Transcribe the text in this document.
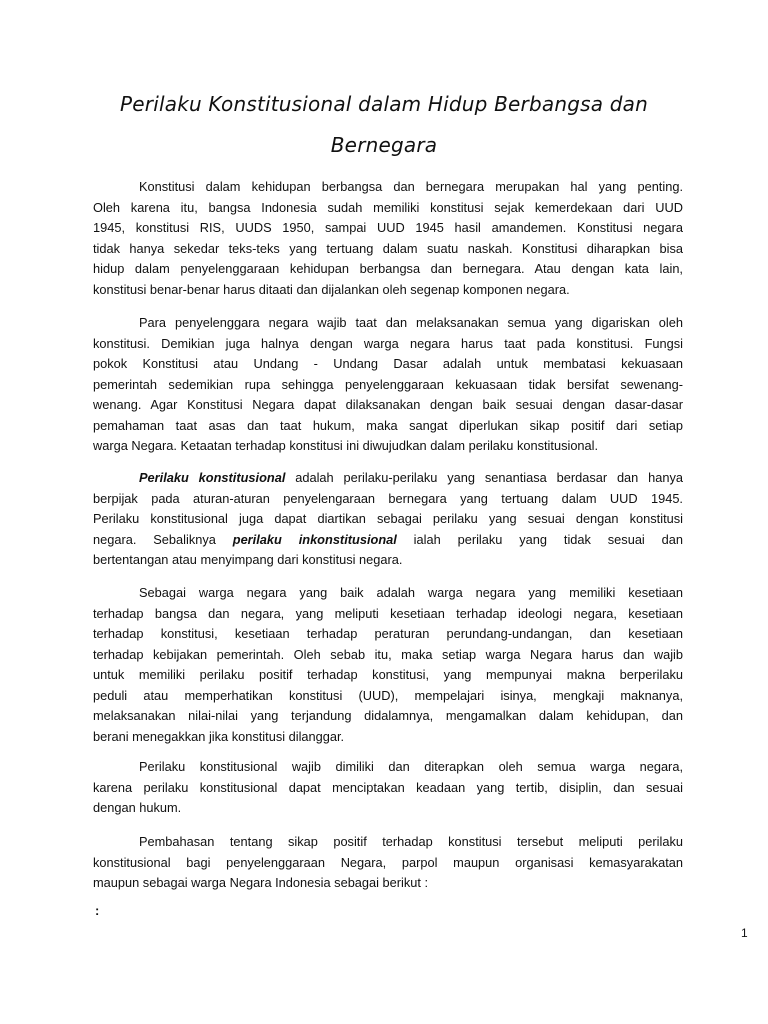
Perilaku Konstitusional dalam Hidup Berbangsa dan
Bernegara
Konstitusi dalam kehidupan berbangsa dan bernegara merupakan hal yang penting.
Oleh karena itu, bangsa Indonesia sudah memiliki konstitusi sejak kemerdekaan dari UUD
1945, konstitusi RIS, UUDS 1950, sampai UUD 1945 hasil amandemen. Konstitusi negara
tidak hanya sekedar teks-teks yang tertuang dalam suatu naskah. Konstitusi diharapkan bisa
hidup dalam penyelenggaraan kehidupan berbangsa dan bernegara. Atau dengan kata lain,
konstitusi benar-benar harus ditaati dan dijalankan oleh segenap komponen negara.
Para penyelenggara negara wajib taat dan melaksanakan semua yang digariskan oleh
konstitusi. Demikian juga halnya dengan warga negara harus taat pada konstitusi. Fungsi
pokok Konstitusi atau Undang - Undang Dasar adalah untuk membatasi kekuasaan
pemerintah sedemikian rupa sehingga penyelenggaraan kekuasaan tidak bersifat sewenang-
wenang. Agar Konstitusi Negara dapat dilaksanakan dengan baik sesuai dengan dasar-dasar
pemahaman taat asas dan taat hukum, maka sangat diperlukan sikap positif dari setiap
warga Negara. Ketaatan terhadap konstitusi ini diwujudkan dalam perilaku konstitusional.
Perilaku konstitusional adalah perilaku-perilaku yang senantiasa berdasar dan hanya
berpijak pada aturan-aturan penyelengaraan bernegara yang tertuang dalam UUD 1945.
Perilaku konstitusional juga dapat diartikan sebagai perilaku yang sesuai dengan konstitusi
negara. Sebaliknya perilaku inkonstitusional ialah perilaku yang tidak sesuai dan
bertentangan atau menyimpang dari konstitusi negara.
Sebagai warga negara yang baik adalah warga negara yang memiliki kesetiaan
terhadap bangsa dan negara, yang meliputi kesetiaan terhadap ideologi negara, kesetiaan
terhadap konstitusi, kesetiaan terhadap peraturan perundang-undangan, dan kesetiaan
terhadap kebijakan pemerintah. Oleh sebab itu, maka setiap warga Negara harus dan wajib
untuk memiliki perilaku positif terhadap konstitusi, yang mempunyai makna berperilaku
peduli atau memperhatikan konstitusi (UUD), mempelajari isinya, mengkaji maknanya,
melaksanakan nilai-nilai yang terjandung didalamnya, mengamalkan dalam kehidupan, dan
berani menegakkan jika konstitusi dilanggar.
Perilaku konstitusional wajib dimiliki dan diterapkan oleh semua warga negara,
karena perilaku konstitusional dapat menciptakan keadaan yang tertib, disiplin, dan sesuai
dengan hukum.
Pembahasan tentang sikap positif terhadap konstitusi tersebut meliputi perilaku
konstitusional bagi penyelenggaraan Negara, parpol maupun organisasi kemasyarakatan
maupun sebagai warga Negara Indonesia sebagai berikut :
:
1
